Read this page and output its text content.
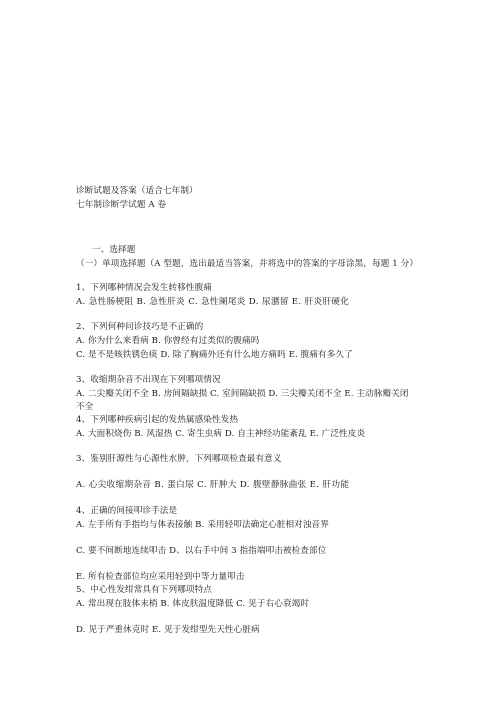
诊断试题及答案（适合七年制）
七年制诊断学试题 A 卷
一、选择题
（一）单项选择题（A 型题，选出最适当答案，并将选中的答案的字母涂黑，每题 1 分）
1、下列哪种情况会发生转移性腹痛
A. 急性肠梗阻 B. 急性肝炎 C. 急性阑尾炎 D. 尿潴留 E. 肝炎肝硬化
2、下列何种问诊技巧是不正确的
A. 你为什么来看病 B. 你曾经有过类似的腹痛吗
C. 是不是咳铁锈色痰 D. 除了胸痛外还有什么地方痛吗 E. 腹痛有多久了
3、收缩期杂音不出现在下列哪项情况
A. 二尖瓣关闭不全 B. 房间隔缺损 C. 室间隔缺损 D. 三尖瓣关闭不全 E. 主动脉瓣关闭
不全
4、下列哪种疾病引起的发热属感染性发热
A. 大面积烧伤 B. 风湿热 C. 寄生虫病 D. 自主神经功能紊乱 E. 广泛性皮炎
3、鉴别肝源性与心源性水肿，下列哪项检查最有意义
A. 心尖收缩期杂音 B. 蛋白尿 C. 肝肿大 D. 腹壁静脉曲张 E. 肝功能
4、正确的间接叩诊手法是
A. 左手所有手指均与体表接触 B. 采用轻叩法确定心脏相对浊音界
C. 要不间断地连续叩击 D、以右手中间 3 指指端叩击被检查部位
E. 所有检查部位均应采用轻到中等力量叩击
5、中心性发绀常具有下列哪项特点
A. 常出现在肢体末梢 B. 体皮肤温度降低 C. 见于右心衰竭时
D. 见于严重休克时 E. 见于发绀型先天性心脏病
